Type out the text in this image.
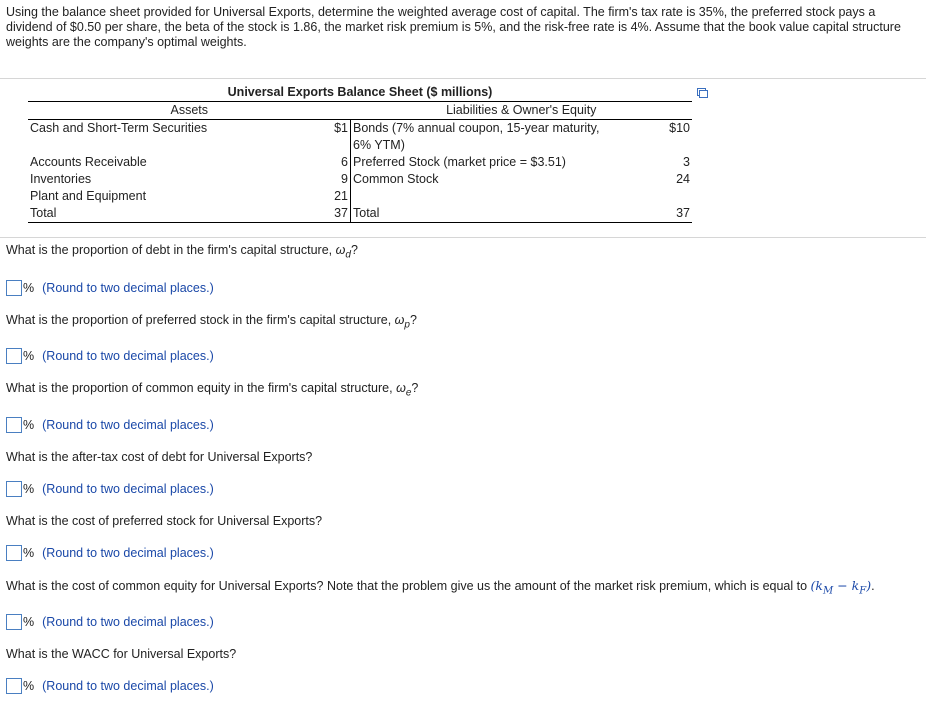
Using the balance sheet provided for Universal Exports, determine the weighted average cost of capital. The firm's tax rate is 35%, the preferred stock pays a dividend of $0.50 per share, the beta of the stock is 1.86, the market risk premium is 5%, and the risk-free rate is 4%. Assume that the book value capital structure weights are the company's optimal weights.
Universal Exports Balance Sheet ($ millions)			
Assets		Liabilities & Owner's Equity	
Cash and Short-Term Securities	$1	Bonds (7% annual coupon, 15-year maturity,
6% YTM)	$10
Accounts Receivable	6	Preferred Stock (market price = $3.51)	3
Inventories	9	Common Stock	24
Plant and Equipment	21		
Total	37	Total	37
What is the proportion of debt in the firm's capital structure, $\omega_d$?
% (Round to two decimal places.)
What is the proportion of preferred stock in the firm's capital structure, $\omega_p$?
% (Round to two decimal places.)
What is the proportion of common equity in the firm's capital structure, $\omega_e$?
% (Round to two decimal places.)
What is the after-tax cost of debt for Universal Exports?
% (Round to two decimal places.)
What is the cost of preferred stock for Universal Exports?
% (Round to two decimal places.)
What is the cost of common equity for Universal Exports? Note that the problem give us the amount of the market risk premium, which is equal to $(k_M - k_F)$.
% (Round to two decimal places.)
What is the WACC for Universal Exports?
% (Round to two decimal places.)
